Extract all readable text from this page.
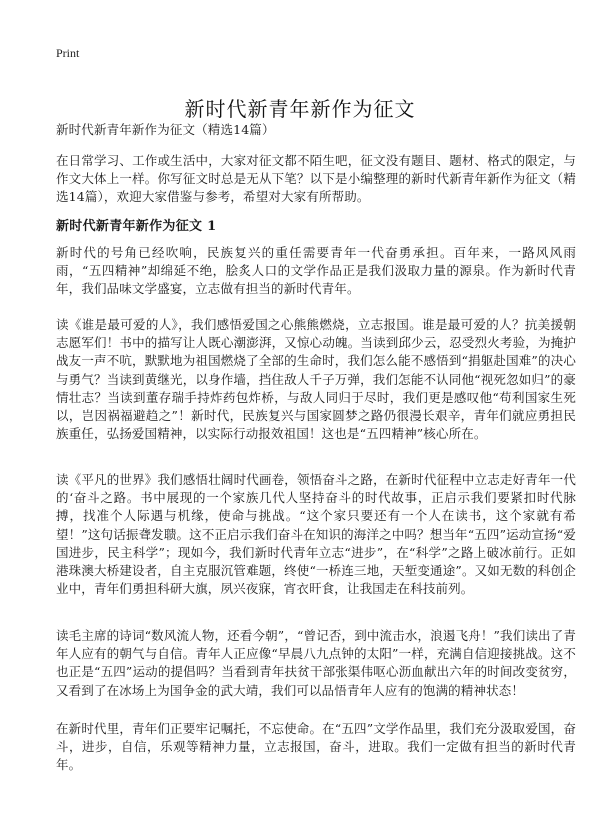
Print
新时代新青年新作为征文

新时代新青年新作为征文（精选14篇）

在日常学习、工作或生活中，大家对征文都不陌生吧，征文没有题目、题材、格式的限定，与作文大体上一样。你写征文时总是无从下笔？以下是小编整理的新时代新青年新作为征文（精选14篇），欢迎大家借鉴与参考，希望对大家有所帮助。

新时代新青年新作为征文 1

新时代的号角已经吹响，民族复兴的重任需要青年一代奋勇承担。百年来，一路风风雨雨，“五四精神”却绵延不绝，脍炙人口的文学作品正是我们汲取力量的源泉。作为新时代青年，我们品味文学盛宴，立志做有担当的新时代青年。

读《谁是最可爱的人》，我们感悟爱国之心熊熊燃烧，立志报国。谁是最可爱的人？抗美援朝志愿军们！书中的描写让人既心潮澎湃，又惊心动魄。当读到邱少云，忍受烈火考验，为掩护战友一声不吭，默默地为祖国燃烧了全部的生命时，我们怎么能不感悟到“捐躯赴国难”的决心与勇气？当读到黄继光，以身作墙，挡住敌人千子万弹，我们怎能不认同他“视死忽如归”的豪情壮志？当读到董存瑞手持炸药包炸桥，与敌人同归于尽时，我们更是感叹他“苟利国家生死以，岂因祸福避趋之”！新时代，民族复兴与国家圆梦之路仍很漫长艰辛，青年们就应勇担民族重任，弘扬爱国精神，以实际行动报效祖国！这也是“五四精神”核心所在。

读《平凡的世界》我们感悟壮阔时代画卷，领悟奋斗之路，在新时代征程中立志走好青年一代的‘奋斗之路。书中展现的一个家族几代人坚持奋斗的时代故事，正启示我们要紧扣时代脉搏，找准个人际遇与机缘，使命与挑战。“这个家只要还有一个人在读书，这个家就有希望！”这句话振聋发聩。这不正启示我们奋斗在知识的海洋之中吗？想当年“五四”运动宣扬“爱国进步，民主科学”；现如今，我们新时代青年立志“进步”，在“科学”之路上破冰前行。正如港珠澳大桥建设者，自主克服沉管难题，终使“一桥连三地，天堑变通途”。又如无数的科创企业中，青年们勇担科研大旗，夙兴夜寐，宵衣旰食，让我国走在科技前列。

读毛主席的诗词“数风流人物，还看今朝”，“曾记否，到中流击水，浪遏飞舟！”我们读出了青年人应有的朝气与自信。青年人正应像“早晨八九点钟的太阳”一样，充满自信迎接挑战。这不也正是“五四”运动的提倡吗？当看到青年扶贫干部张渠伟呕心沥血献出六年的时间改变贫穷，又看到了在冰场上为国争金的武大靖，我们可以品悟青年人应有的饱满的精神状态！

在新时代里，青年们正要牢记嘱托，不忘使命。在“五四”文学作品里，我们充分汲取爱国，奋斗，进步，自信，乐观等精神力量，立志报国，奋斗，进取。我们一定做有担当的新时代青年。
